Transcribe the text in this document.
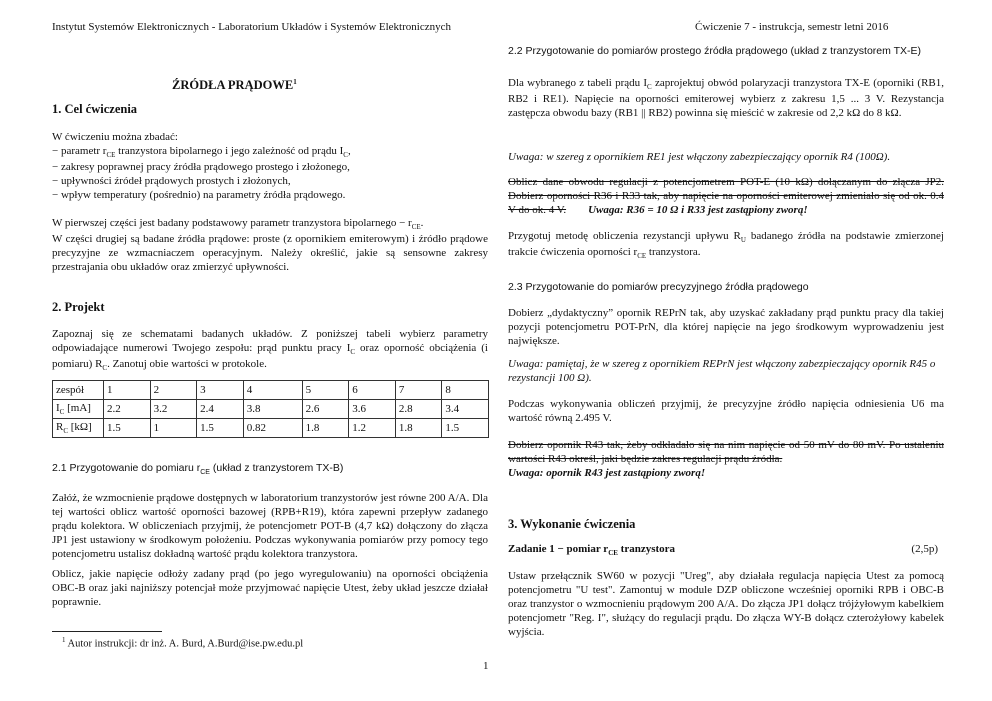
Instytut Systemów Elektronicznych - Laboratorium Układów i Systemów Elektronicznych	Ćwiczenie 7 - instrukcja, semestr letni 2016
ŹRÓDŁA PRĄDOWE$^1$
1. Cel ćwiczenia
W ćwiczeniu można zbadać:
− parametr $r_{CE}$ tranzystora bipolarnego i jego zależność od prądu $I_C$,
− zakresy poprawnej pracy źródła prądowego prostego i złożonego,
− upływności źródeł prądowych prostych i złożonych,
− wpływ temperatury (pośrednio) na parametry źródła prądowego.
W pierwszej części jest badany podstawowy parametr tranzystora bipolarnego − $r_{CE}$.
W części drugiej są badane źródła prądowe: proste (z opornikiem emiterowym) i źródło prądowe precyzyjne ze wzmacniaczem operacyjnym. Należy określić, jakie są sensowne zakresy przestrajania obu układów oraz zmierzyć upływności.
2. Projekt
Zapoznaj się ze schematami badanych układów. Z poniższej tabeli wybierz parametry odpowiadające numerowi Twojego zespołu: prąd punktu pracy $I_C$ oraz oporność obciążenia (i pomiaru) $R_C$. Zanotuj obie wartości w protokole.
zespół	1	2	3	4	5	6	7	8
$I_C$ [mA]	2.2	3.2	2.4	3.8	2.6	3.6	2.8	3.4
$R_C$ [kΩ]	1.5	1	1.5	0.82	1.8	1.2	1.8	1.5
2.1 Przygotowanie do pomiaru $r_{CE}$ (układ z tranzystorem TX-B)
Załóż, że wzmocnienie prądowe dostępnych w laboratorium tranzystorów jest równe 200 A/A. Dla tej wartości oblicz wartość oporności bazowej (RPB+R19), która zapewni przepływ zadanego prądu kolektora. W obliczeniach przyjmij, że potencjometr POT-B (4,7 kΩ) dołączony do złącza JP1 jest ustawiony w środkowym położeniu. Podczas wykonywania pomiarów przy pomocy tego potencjometru ustalisz dokładną wartość prądu kolektora tranzystora.
Oblicz, jakie napięcie odłoży zadany prąd (po jego wyregulowaniu) na oporności obciążenia OBC-B oraz jaki najniższy potencjał może przyjmować napięcie Utest, żeby układ jeszcze działał poprawnie.
$^1$ Autor instrukcji: dr inż. A. Burd, A.Burd@ise.pw.edu.pl
1
2.2 Przygotowanie do pomiarów prostego źródła prądowego (układ z tranzystorem TX-E)
Dla wybranego z tabeli prądu $I_C$ zaprojektuj obwód polaryzacji tranzystora TX-E (oporniki (RB1, RB2 i RE1). Napięcie na oporności emiterowej wybierz z zakresu 1,5 ... 3 V. Rezystancja zastępcza obwodu bazy (RB1 || RB2) powinna się mieścić w zakresie od 2,2 kΩ do 8 kΩ.
Uwaga: w szereg z opornikiem RE1 jest włączony zabezpieczający opornik R4 (100Ω).
Oblicz dane obwodu regulacji z potencjometrem POT-E (10 kΩ) dołączanym do złącza JP2. Dobierz oporności R36 i R33 tak, aby napięcie na oporności emiterowej zmieniało się od ok. 0.4 V do ok. 4 V. Uwaga: R36 = 10 Ω i R33 jest zastąpiony zworą!
Przygotuj metodę obliczenia rezystancji upływu $R_U$ badanego źródła na podstawie zmierzonej trakcie ćwiczenia oporności $r_{CE}$ tranzystora.
2.3 Przygotowanie do pomiarów precyzyjnego źródła prądowego
Dobierz „dydaktyczny” opornik REPrN tak, aby uzyskać zakładany prąd punktu pracy dla takiej pozycji potencjometru POT-PrN, dla której napięcie na jego środkowym wyprowadzeniu jest największe.
Uwaga: pamiętaj, że w szereg z opornikiem REPrN jest włączony zabezpieczający opornik R45 o rezystancji 100 Ω).
Podczas wykonywania obliczeń przyjmij, że precyzyjne źródło napięcia odniesienia U6 ma wartość równą 2.495 V.
Dobierz opornik R43 tak, żeby odkładało się na nim napięcie od 50 mV do 80 mV. Po ustaleniu wartości R43 określ, jaki będzie zakres regulacji prądu źródła.
Uwaga: opornik R43 jest zastąpiony zworą!
3. Wykonanie ćwiczenia
Zadanie 1 − pomiar $r_{CE}$ tranzystora	(2,5p)
Ustaw przełącznik SW60 w pozycji "Ureg", aby działała regulacja napięcia Utest za pomocą potencjometru "U test". Zamontuj w module DZP obliczone wcześniej oporniki RPB i OBC-B oraz tranzystor o wzmocnieniu prądowym 200 A/A. Do złącza JP1 dołącz trójżyłowym kabelkiem potencjometr "Reg. I", służący do regulacji prądu. Do złącza WY-B dołącz czterożyłowy kabelek wyjścia.
